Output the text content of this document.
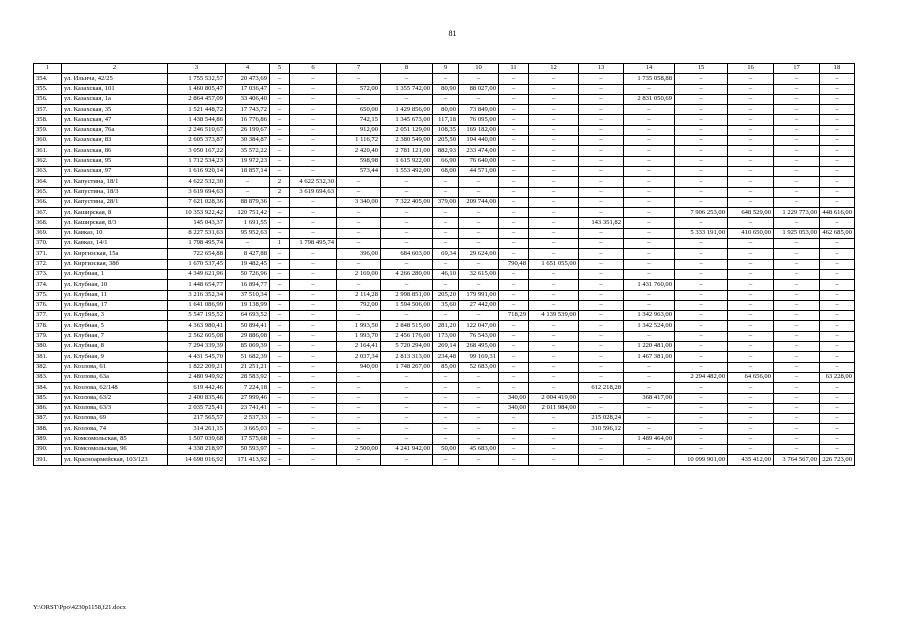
81
1	2	3	4	5	6	7	8	9	10	11	12	13	14	15	16	17	18
354.	ул. Ильича, 42/25	1 755 532,57	20 473,69	–	–	–	–	–	–	–	–	–	1 735 058,88	–	–	–	–
355.	ул. Казахская, 101	1 460 805,47	17 036,47	–	–	572,00	1 355 742,00	80,90	88 027,00	–	–	–	–	–	–	–	–
356.	ул. Казахская, 1а	2 864 457,09	33 406,40	–	–	–	–	–	–	–	–	–	2 831 050,69	–	–	–	–
357.	ул. Казахская, 35	1 521 448,72	17 743,72	–	–	650,00	1 429 856,00	80,00	73 849,00	–	–	–	–	–	–	–	–
358.	ул. Казахская, 47	1 438 544,86	16 776,86	–	–	742,15	1 345 673,00	117,18	76 095,00	–	–	–	–	–	–	–	–
359.	ул. Казахская, 76а	2 246 510,67	26 199,67	–	–	912,00	2 051 129,00	108,35	169 182,00	–	–	–	–	–	–	–	–
360.	ул. Казахская, 83	2 605 373,87	30 384,87	–	–	1 116,72	2 380 549,00	205,50	194 440,00	–	–	–	–	–	–	–	–
361.	ул. Казахская, 86	3 050 167,22	35 572,22	–	–	2 420,40	2 781 121,00	882,93	233 474,00	–	–	–	–	–	–	–	–
362.	ул. Казахская, 95	1 712 534,23	19 972,23	–	–	598,98	1 615 922,00	66,90	76 640,00	–	–	–	–	–	–	–	–
363.	ул. Казахская, 97	1 616 920,14	18 857,14	–	–	573,44	1 553 492,00	68,00	44 571,00	–	–	–	–	–	–	–	–
364.	ул. Капустина, 18/1	4 622 532,30	–	2	4 622 532,30	–	–	–	–	–	–	–	–	–	–	–	–
365.	ул. Капустина, 18/3	3 619 694,63	–	2	3 619 694,63	–	–	–	–	–	–	–	–	–	–	–	–
366.	ул. Капустина, 28/1	7 621 028,36	88 879,36	–	–	3 340,00	7 322 405,00	379,00	209 744,00	–	–	–	–	–	–	–	–
367.	ул. Каширская, 8	10 353 922,42	120 751,42	–	–	–	–	–	–	–	–	–	–	7 906 253,00	648 529,00	1 229 773,00	448 616,00
368.	ул. Каширская, 8/3	145 043,37	1 691,55	–	–	–	–	–	–	–	–	143 351,82	–	–	–	–	–
369.	ул. Кавказ, 10	8 227 531,63	95 952,63	–	–	–	–	–	–	–	–	–	–	5 333 191,00	410 650,00	1 925 053,00	462 685,00
370.	ул. Кавказ, 14/1	1 798 495,74	–	1	1 798 495,74	–	–	–	–	–	–	–	–	–	–	–	–
371.	ул. Киргизская, 15а	722 654,88	8 427,88	–	–	396,00	684 603,00	69,34	29 624,00	–	–	–	–	–	–	–	–
372.	ул. Киргизская, 38б	1 670 537,45	19 482,45	–	–	–	–	–	–	790,48	1 651 055,00	–	–	–	–	–	–
373.	ул. Клубная, 1	4 349 621,96	50 726,96	–	–	2 169,00	4 266 280,00	46,10	32 615,00	–	–	–	–	–	–	–	–
374.	ул. Клубная, 10	1 448 654,77	16 894,77	–	–	–	–	–	–	–	–	–	1 431 760,00	–	–	–	–
375.	ул. Клубная, 11	3 216 352,34	37 510,34	–	–	2 114,28	2 998 851,00	205,20	179 991,00	–	–	–	–	–	–	–	–
376.	ул. Клубная, 17	1 641 086,99	19 138,99	–	–	792,00	1 594 506,00	35,60	27 442,00	–	–	–	–	–	–	–	–
377.	ул. Клубная, 3	5 547 195,52	64 693,52	–	–	–	–	–	–	718,29	4 139 539,00	–	1 342 963,00	–	–	–	–
378.	ул. Клубная, 5	4 363 980,41	50 894,41	–	–	1 993,50	2 848 515,00	281,20	122 047,00	–	–	–	1 342 524,00	–	–	–	–
379.	ул. Клубная, 7	2 562 605,08	29 886,08	–	–	1 993,70	2 456 176,00	173,00	76 543,00	–	–	–	–	–	–	–	–
380.	ул. Клубная, 8	7 294 339,39	85 069,39	–	–	2 164,41	5 720 294,00	269,14	268 495,00	–	–	–	1 220 481,00	–	–	–	–
381.	ул. Клубная, 9	4 431 545,70	51 682,39	–	–	2 037,34	2 813 313,00	234,48	99 169,31	–	–	–	1 467 381,00	–	–	–	–
382.	ул. Козлова, 61	1 822 209,21	21 251,21	–	–	940,00	1 748 267,00	85,00	52 683,00	–	–	–	–	–	–	–	–
383.	ул. Козлова, 63а	2 480 949,92	28 583,92	–	–	–	–	–	–	–	–	–	–	2 294 482,00	64 656,00	–	63 228,00
384.	ул. Козлова, 62/148	619 442,46	7 224,18	–	–	–	–	–	–	–	–	612 218,28	–	–	–	–	–
385.	ул. Козлова, 63/2	2 400 835,46	27 999,46	–	–	–	–	–	–	340,00	2 004 419,00	–	368 417,00	–	–	–	–
386.	ул. Козлова, 63/3	2 035 725,41	23 741,41	–	–	–	–	–	–	340,00	2 011 984,00	–	–	–	–	–	–
387.	ул. Козлова, 69	217 565,57	2 537,33	–	–	–	–	–	–	–	–	215 028,24	–	–	–	–	–
388.	ул. Козлова, 74	314 261,15	3 665,03	–	–	–	–	–	–	–	–	310 596,12	–	–	–	–	–
389.	ул. Комсомольская, 85	1 507 039,68	17 575,68	–	–	–	–	–	–	–	–	–	1 489 464,00	–	–	–	–
390.	ул. Комсомольская, 96	4 338 218,97	50 593,97	–	–	2 500,00	4 241 942,00	50,00	45 683,00	–	–	–	–	–	–	–	–
391.	ул. Красноармейская, 103/123	14 698 016,92	171 413,92	–	–	–	–	–	–	–	–	–	–	10 099 901,00	435 412,00	3 764 567,00	226 723,00
Y:\ORST\Ppo\4230p1158,f21.docx
